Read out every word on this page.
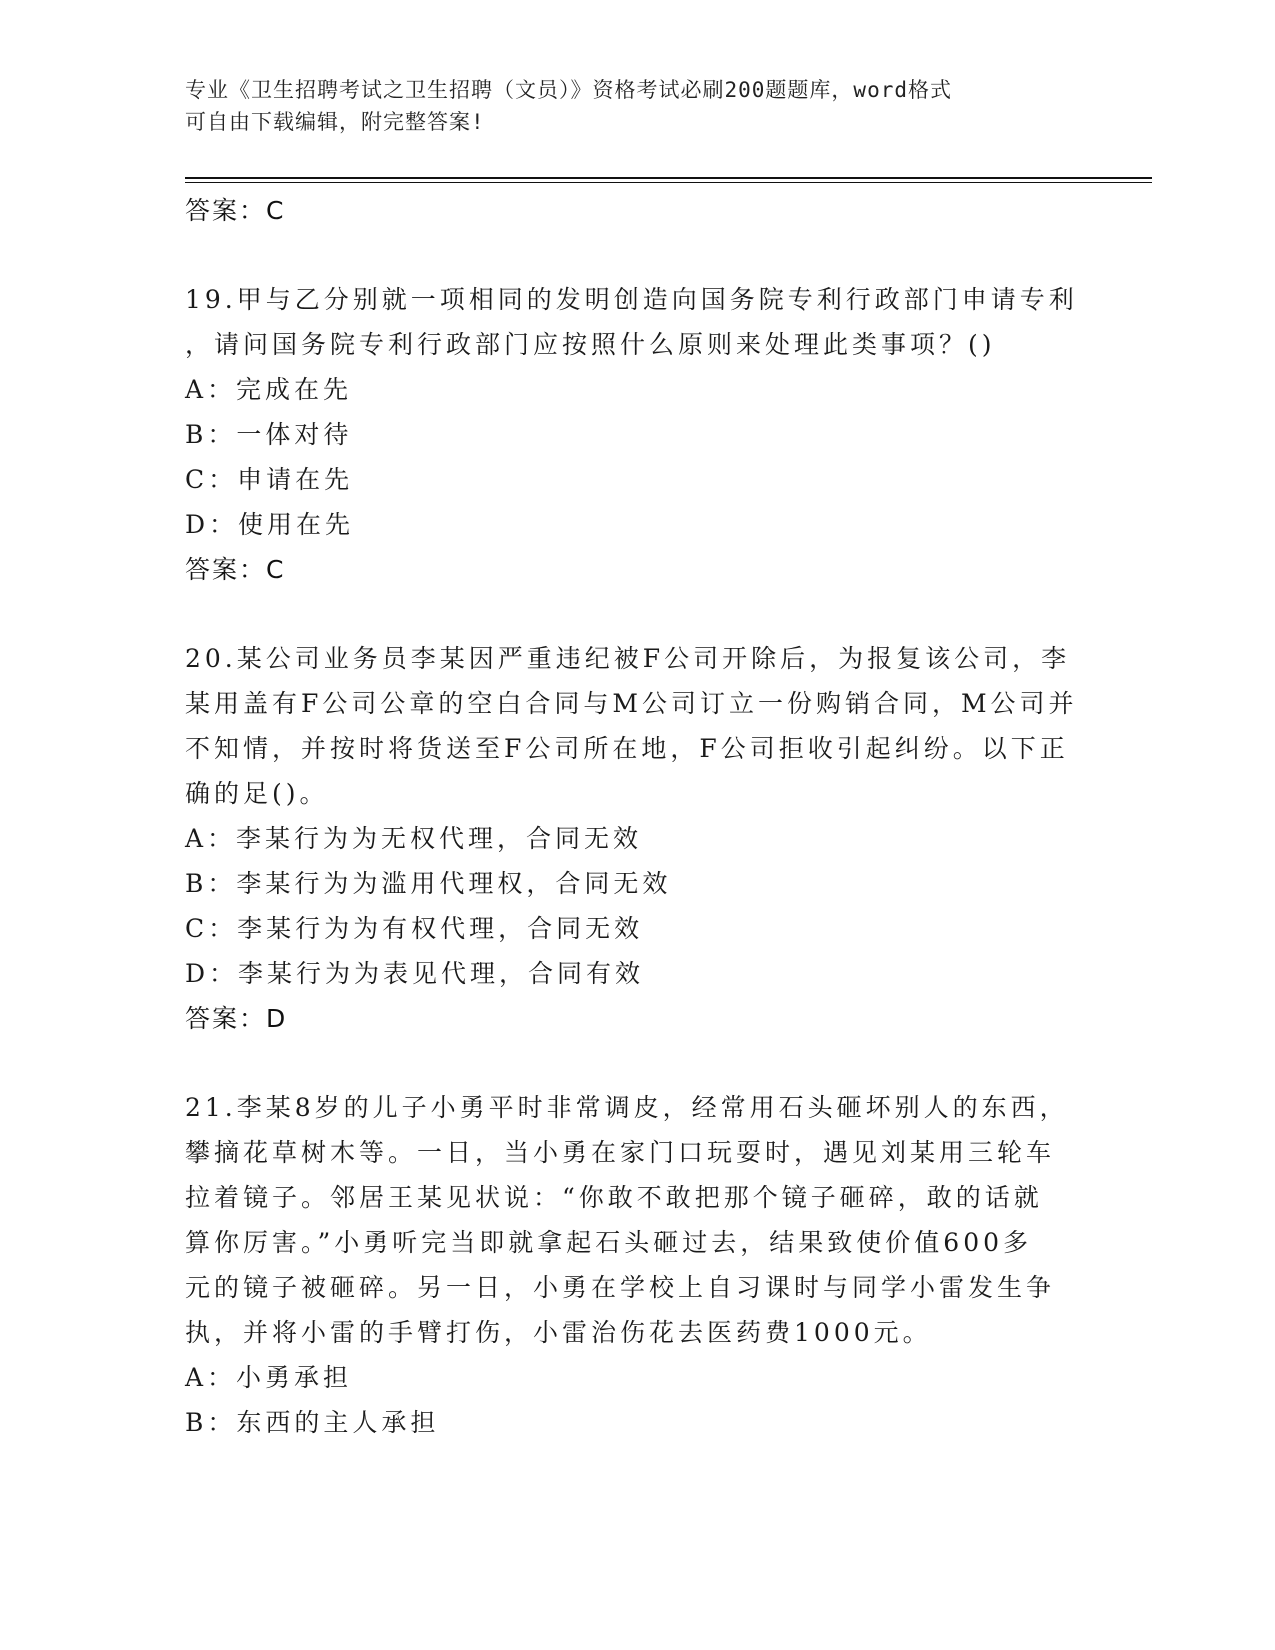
专业《卫生招聘考试之卫生招聘（文员）》资格考试必刷200题题库，word格式
可自由下载编辑，附完整答案!
答案：C
19.甲与乙分别就一项相同的发明创造向国务院专利行政部门申请专利
，请问国务院专利行政部门应按照什么原则来处理此类事项？()
A：完成在先
B：一体对待
C：申请在先
D：使用在先
答案：C
20.某公司业务员李某因严重违纪被F公司开除后，为报复该公司，李
某用盖有F公司公章的空白合同与M公司订立一份购销合同，M公司并
不知情，并按时将货送至F公司所在地，F公司拒收引起纠纷。以下正
确的足()。
A：李某行为为无权代理，合同无效
B：李某行为为滥用代理权，合同无效
C：李某行为为有权代理，合同无效
D：李某行为为表见代理，合同有效
答案：D
21.李某8岁的儿子小勇平时非常调皮，经常用石头砸坏别人的东西，
攀摘花草树木等。一日，当小勇在家门口玩耍时，遇见刘某用三轮车
拉着镜子。邻居王某见状说：“你敢不敢把那个镜子砸碎，敢的话就
算你厉害。”小勇听完当即就拿起石头砸过去，结果致使价值600多
元的镜子被砸碎。另一日，小勇在学校上自习课时与同学小雷发生争
执，并将小雷的手臂打伤，小雷治伤花去医药费1000元。
A：小勇承担
B：东西的主人承担
